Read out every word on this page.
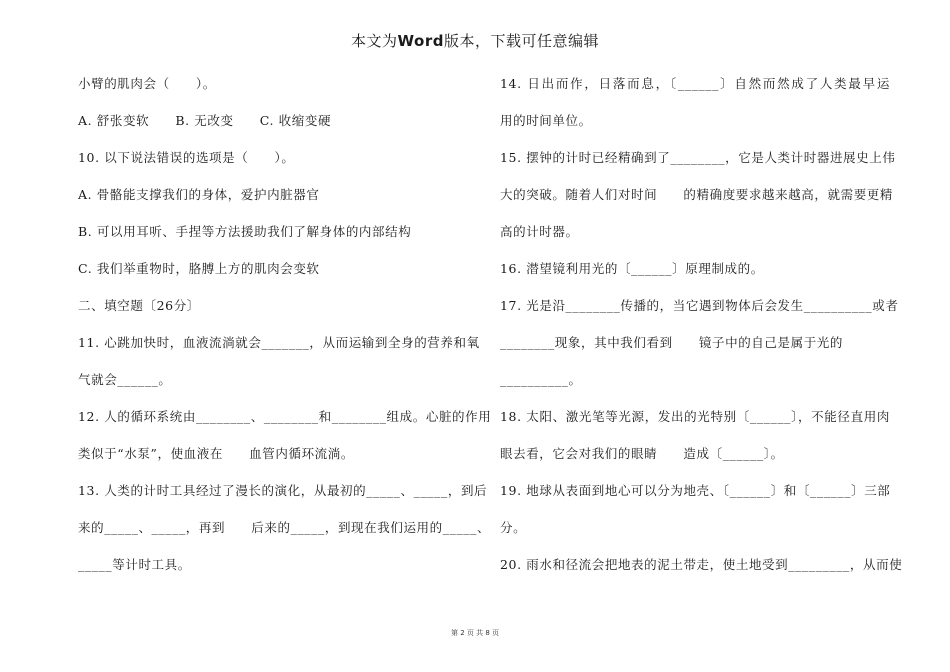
本文为Word版本，下载可任意编辑
小臂的肌肉会（　　）。
A. 舒张变软　　B. 无改变　　C. 收缩变硬
10. 以下说法错误的选项是（　　）。
A. 骨骼能支撑我们的身体，爱护内脏器官
B. 可以用耳听、手捏等方法援助我们了解身体的内部结构
C. 我们举重物时，胳膊上方的肌肉会变软
二、填空题〔26分〕
11. 心跳加快时，血液流淌就会_______，从而运输到全身的营养和氧
气就会______。
12. 人的循环系统由________、________和________组成。心脏的作用
类似于“水泵”，使血液在　　血管内循环流淌。
13. 人类的计时工具经过了漫长的演化，从最初的_____、_____，到后
来的_____、_____，再到　　后来的_____，到现在我们运用的_____、
_____等计时工具。
14. 日出而作，日落而息，〔______〕自然而然成了人类最早运
用的时间单位。
15. 摆钟的计时已经精确到了________，它是人类计时器进展史上伟
大的突破。随着人们对时间　　的精确度要求越来越高，就需要更精
高的计时器。
16. 潜望镜利用光的〔______〕原理制成的。
17. 光是沿________传播的，当它遇到物体后会发生__________或者
________现象，其中我们看到　　镜子中的自己是属于光的
__________。
18. 太阳、激光笔等光源，发出的光特别〔______〕，不能径直用肉
眼去看，它会对我们的眼睛　　造成〔______〕。
19. 地球从表面到地心可以分为地壳、〔______〕和〔______〕三部
分。
20. 雨水和径流会把地表的泥土带走，使土地受到_________，从而使
第 2 页 共 8 页
